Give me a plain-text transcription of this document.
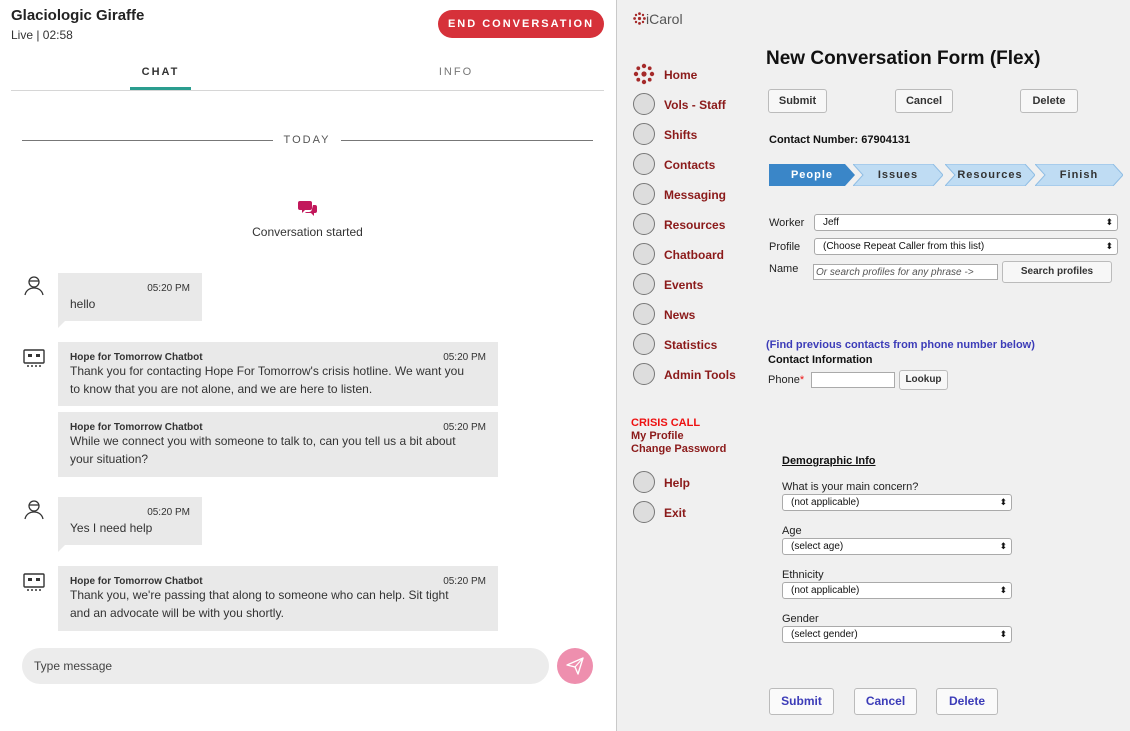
Glaciologic Giraffe
Live | 02:58
END CONVERSATION
CHAT	INFO
TODAY
Conversation started
05:20 PM
hello
Hope for Tomorrow Chatbot	05:20 PM
Thank you for contacting Hope For Tomorrow's crisis hotline. We want you
to know that you are not alone, and we are here to listen.
Hope for Tomorrow Chatbot	05:20 PM
While we connect you with someone to talk to, can you tell us a bit about
your situation?
05:20 PM
Yes I need help
Hope for Tomorrow Chatbot	05:20 PM
Thank you, we're passing that along to someone who can help. Sit tight
and an advocate will be with you shortly.
Type message
iCarol
Home
Vols - Staff
Shifts
Contacts
Messaging
Resources
Chatboard
Events
News
Statistics
Admin Tools
CRISIS CALL
My Profile
Change Password
Help
Exit
New Conversation Form (Flex)
Submit	Cancel	Delete
Contact Number: 67904131
People	Issues	Resources	Finish
Worker	Jeff	⬍
Profile	(Choose Repeat Caller from this list)	⬍
Name
Or search profiles for any phrase ->	Search profiles
(Find previous contacts from phone number below)
Contact Information
Phone*	Lookup
Demographic Info
What is your main concern?
(not applicable)	⬍
Age
(select age)	⬍
Ethnicity
(not applicable)	⬍
Gender
(select gender)	⬍
Submit	Cancel	Delete
